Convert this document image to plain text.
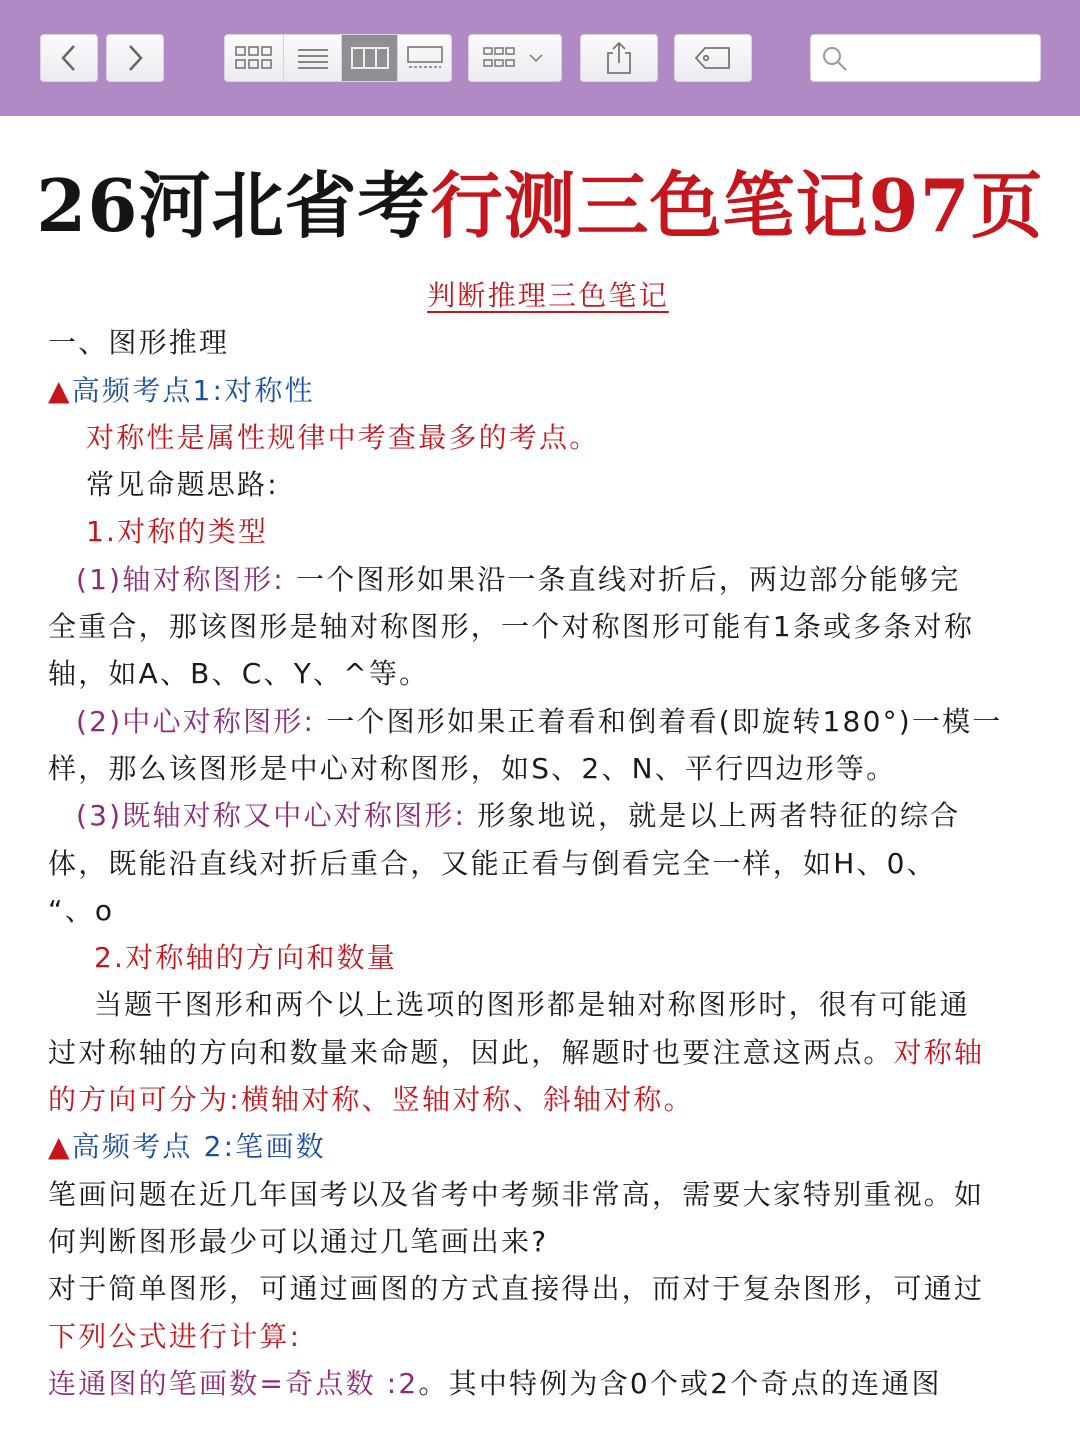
26河北省考行测三色笔记97页

判断推理三色笔记

一、图形推理

▲高频考点1:对称性

对称性是属性规律中考查最多的考点。

常见命题思路:

1.对称的类型

(1)轴对称图形: 一个图形如果沿一条直线对折后，两边部分能够完

全重合，那该图形是轴对称图形，一个对称图形可能有1条或多条对称

轴，如A、B、C、Y、^等。

(2)中心对称图形: 一个图形如果正着看和倒着看(即旋转180°)一模一

样，那么该图形是中心对称图形，如S、2、N、平行四边形等。

(3)既轴对称又中心对称图形: 形象地说，就是以上两者特征的综合

体，既能沿直线对折后重合，又能正看与倒看完全一样，如H、0、

“、o

2.对称轴的方向和数量

当题干图形和两个以上选项的图形都是轴对称图形时，很有可能通

过对称轴的方向和数量来命题，因此，解题时也要注意这两点。对称轴

的方向可分为:横轴对称、竖轴对称、斜轴对称。

▲高频考点 2:笔画数

笔画问题在近几年国考以及省考中考频非常高，需要大家特别重视。如

何判断图形最少可以通过几笔画出来?

对于简单图形，可通过画图的方式直接得出，而对于复杂图形，可通过

下列公式进行计算:

连通图的笔画数=奇点数 :2。其中特例为含0个或2个奇点的连通图
